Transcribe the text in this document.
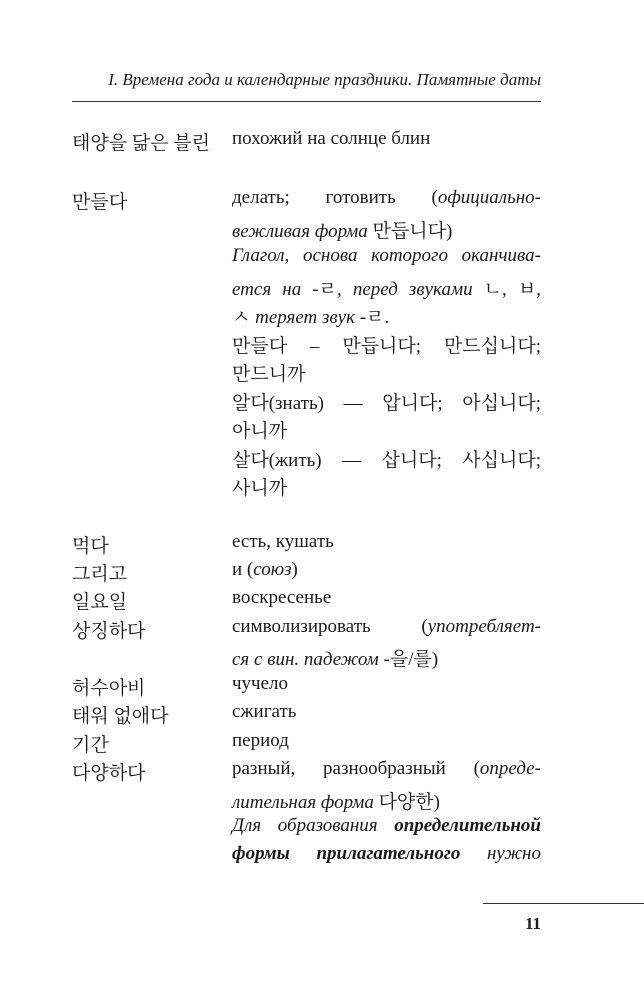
I. Времена года и календарные праздники. Памятные даты
태양을 닮은 블린 похожий на солнце блин
만들다	делать; готовить (официально-
вежливая форма 만듭니다)
Глагол, основа которого оканчива-
ется на -ㄹ, перед звуками ㄴ, ㅂ,
ㅅ теряет звук -ㄹ.
만들다 – 만듭니다; 만드십니다;
만드니까
알다(знать) — 압니다; 아십니다;
아니까
살다(жить) — 삽니다; 사십니다;
사니까
먹다	есть, кушать
그리고	и (союз)
일요일	воскресенье
상징하다	символизировать (употребляет-
ся с вин. падежом -을/를)
허수아비	чучело
태워 없애다	сжигать
기간	период
다양하다	разный, разнообразный (опреде-
лительная форма 다양한)
Для образования определительной
формы прилагательного нужно
11
